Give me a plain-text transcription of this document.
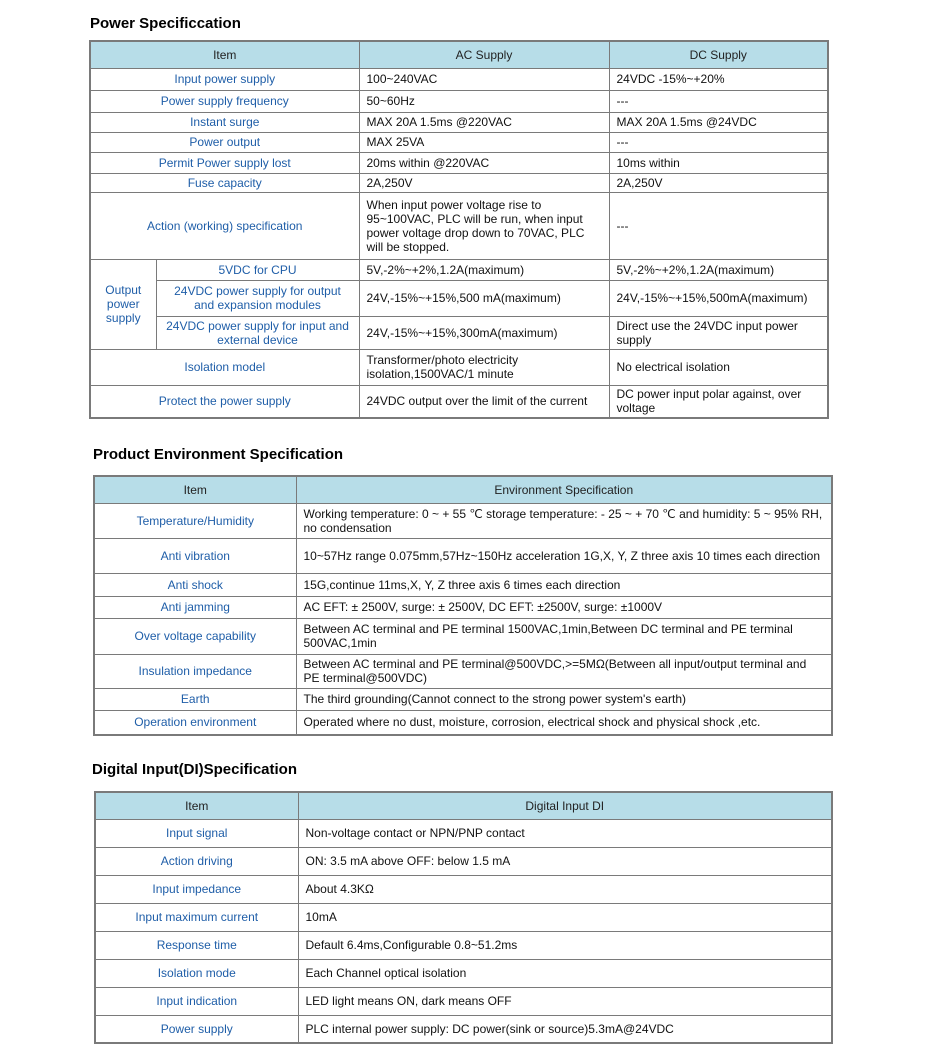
Power Specificcation
Item		AC Supply	DC Supply
Input power supply		100~240VAC	24VDC -15%~+20%
Power supply frequency		50~60Hz	---
Instant surge		MAX 20A 1.5ms @220VAC	MAX 20A 1.5ms @24VDC
Power output		MAX 25VA	---
Permit Power supply lost		20ms within @220VAC	10ms within
Fuse capacity		2A,250V	2A,250V
Action (working) specification		When input power voltage rise to 95~100VAC, PLC will be run, when input power voltage drop down to 70VAC, PLC will be stopped.	---
Output power supply	5VDC for CPU	5V,-2%~+2%,1.2A(maximum)	5V,-2%~+2%,1.2A(maximum)
	24VDC power supply for output and expansion modules	24V,-15%~+15%,500 mA(maximum)	24V,-15%~+15%,500mA(maximum)
	24VDC power supply for input and external device	24V,-15%~+15%,300mA(maximum)	Direct use the 24VDC input power supply
Isolation model		Transformer/photo electricity isolation,1500VAC/1 minute	No electrical isolation
Protect the power supply		24VDC output over the limit of the current	DC power input polar against, over voltage
Product Environment Specification
Item	Environment Specification
Temperature/Humidity	Working temperature: 0 ~ + 55 ℃ storage temperature: - 25 ~ + 70 ℃ and humidity: 5 ~ 95% RH, no condensation
Anti vibration	10~57Hz range 0.075mm,57Hz~150Hz acceleration 1G,X, Y, Z three axis 10 times each direction
Anti shock	15G,continue 11ms,X, Y, Z three axis 6 times each direction
Anti jamming	AC EFT: ± 2500V, surge: ± 2500V, DC EFT: ±2500V, surge: ±1000V
Over voltage capability	Between AC terminal and PE terminal 1500VAC,1min,Between DC terminal and PE terminal 500VAC,1min
Insulation impedance	Between AC terminal and PE terminal@500VDC,>=5MΩ(Between all input/output terminal and PE terminal@500VDC)
Earth	The third grounding(Cannot connect to the strong power system's earth)
Operation environment	Operated where no dust, moisture, corrosion, electrical shock and physical shock ,etc.
Digital Input(DI)Specification
Item	Digital Input DI
Input signal	Non-voltage contact or NPN/PNP contact
Action driving	ON: 3.5 mA above OFF: below 1.5 mA
Input impedance	About 4.3KΩ
Input maximum current	10mA
Response time	Default 6.4ms,Configurable 0.8~51.2ms
Isolation mode	Each Channel optical isolation
Input indication	LED light means ON, dark means OFF
Power supply	PLC internal power supply: DC power(sink or source)5.3mA@24VDC
